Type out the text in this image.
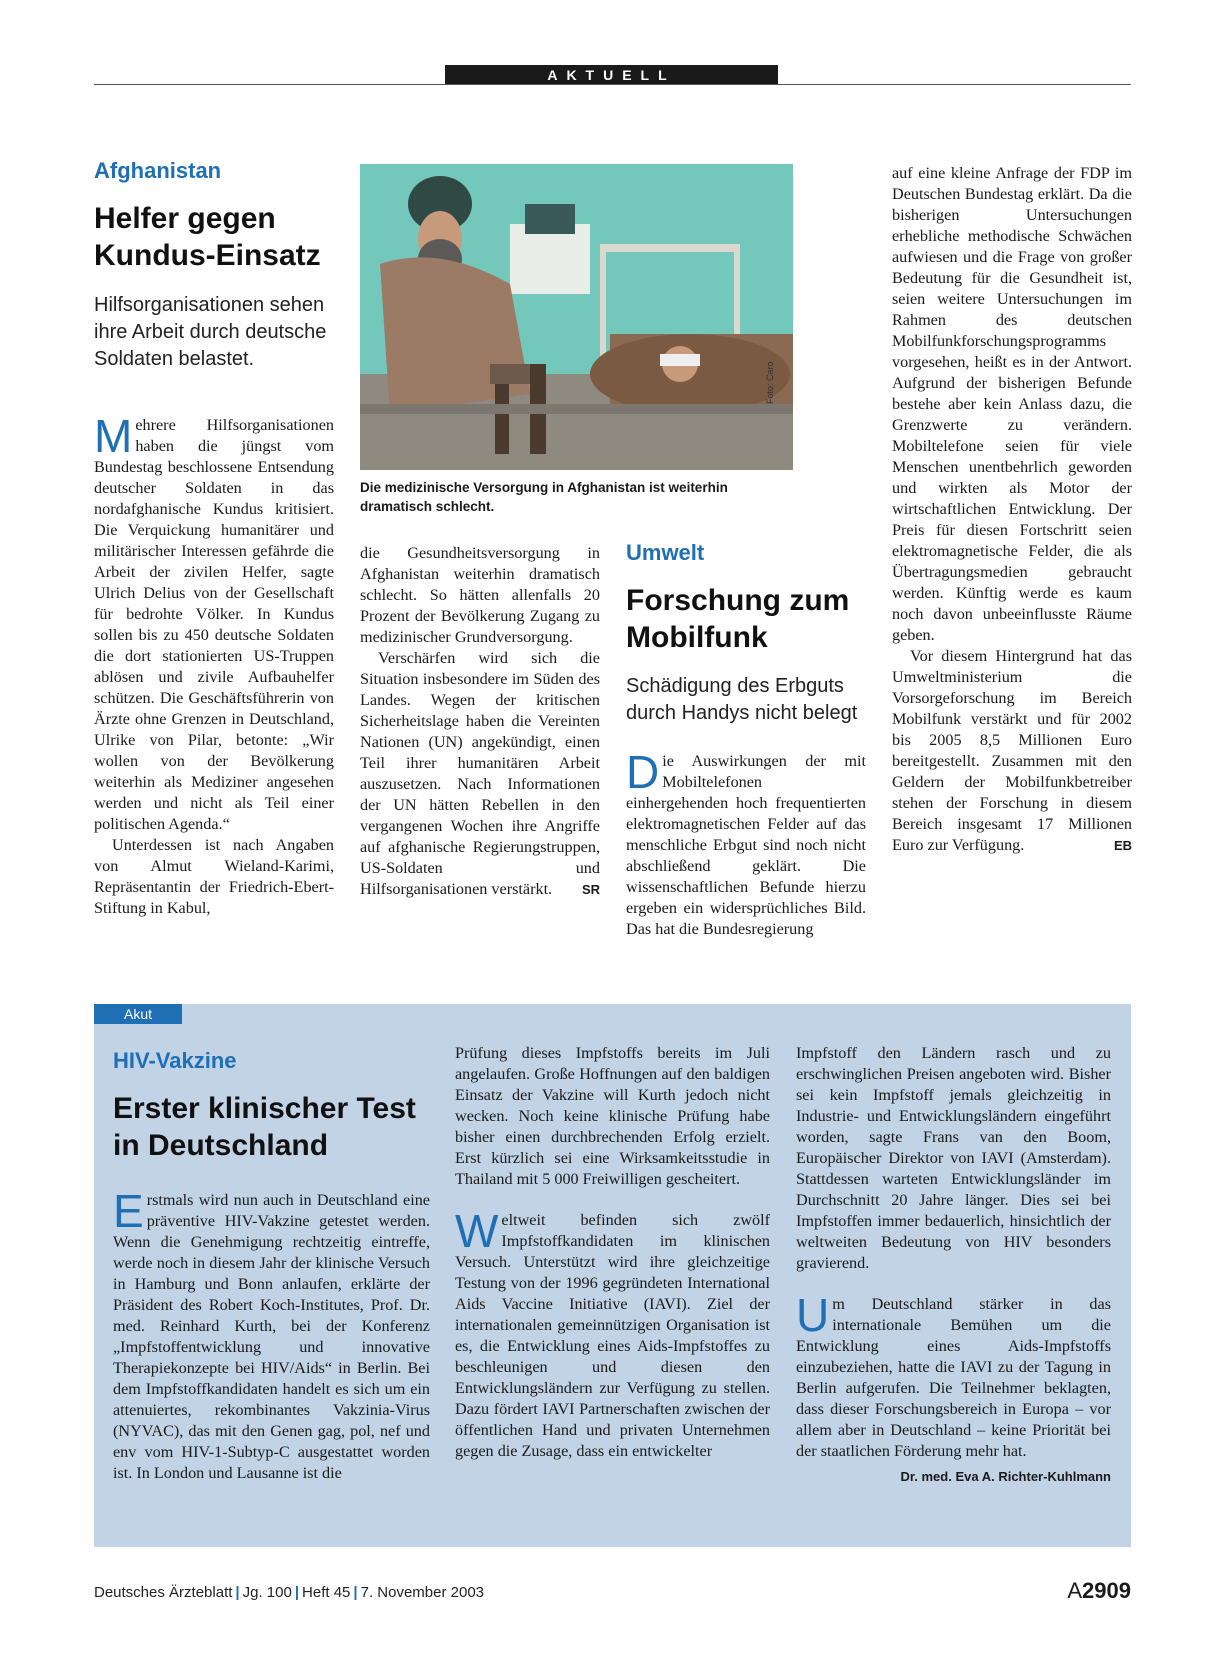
AKTUELL
Afghanistan
Helfer gegen
Kundus-Einsatz
Hilfsorganisationen sehen ihre Arbeit durch deutsche Soldaten belastet.

Mehrere Hilfsorganisationen haben die jüngst vom Bundestag beschlossene Entsendung deutscher Soldaten in das nordafghanische Kundus kritisiert. Die Verquickung humanitärer und militärischer Interessen gefährde die Arbeit der zivilen Helfer, sagte Ulrich Delius von der Gesellschaft für bedrohte Völker. In Kundus sollen bis zu 450 deutsche Soldaten die dort stationierten US-Truppen ablösen und zivile Aufbauhelfer schützen. Die Geschäftsführerin von Ärzte ohne Grenzen in Deutschland, Ulrike von Pilar, betonte: „Wir wollen von der Bevölkerung weiterhin als Mediziner angesehen werden und nicht als Teil einer politischen Agenda.“

Unterdessen ist nach Angaben von Almut Wieland-Karimi, Repräsentantin der Friedrich-Ebert-Stiftung in Kabul,

Foto: Caro
Die medizinische Versorgung in Afghanistan ist weiterhin dramatisch schlecht.

die Gesundheitsversorgung in Afghanistan weiterhin dramatisch schlecht. So hätten allenfalls 20 Prozent der Bevölkerung Zugang zu medizinischer Grundversorgung.

Verschärfen wird sich die Situation insbesondere im Süden des Landes. Wegen der kritischen Sicherheitslage haben die Vereinten Nationen (UN) angekündigt, einen Teil ihrer humanitären Arbeit auszusetzen. Nach Informationen der UN hätten Rebellen in den vergangenen Wochen ihre Angriffe auf afghanische Regierungstruppen, US-Soldaten und Hilfsorganisationen verstärkt.	SR

Umwelt
Forschung zum
Mobilfunk
Schädigung des Erbguts durch Handys nicht belegt

Die Auswirkungen der mit Mobiltelefonen einhergehenden hoch frequentierten elektromagnetischen Felder auf das menschliche Erbgut sind noch nicht abschließend geklärt. Die wissenschaftlichen Befunde hierzu ergeben ein widersprüchliches Bild. Das hat die Bundesregierung

auf eine kleine Anfrage der FDP im Deutschen Bundestag erklärt. Da die bisherigen Untersuchungen erhebliche methodische Schwächen aufwiesen und die Frage von großer Bedeutung für die Gesundheit ist, seien weitere Untersuchungen im Rahmen des deutschen Mobilfunkforschungsprogramms vorgesehen, heißt es in der Antwort. Aufgrund der bisherigen Befunde bestehe aber kein Anlass dazu, die Grenzwerte zu verändern. Mobiltelefone seien für viele Menschen unentbehrlich geworden und wirkten als Motor der wirtschaftlichen Entwicklung. Der Preis für diesen Fortschritt seien elektromagnetische Felder, die als Übertragungsmedien gebraucht werden. Künftig werde es kaum noch davon unbeeinflusste Räume geben.

Vor diesem Hintergrund hat das Umweltministerium die Vorsorgeforschung im Bereich Mobilfunk verstärkt und für 2002 bis 2005 8,5 Millionen Euro bereitgestellt. Zusammen mit den Geldern der Mobilfunkbetreiber stehen der Forschung in diesem Bereich insgesamt 17 Millionen Euro zur Verfügung.	EB

Akut
HIV-Vakzine
Erster klinischer Test
in Deutschland

Erstmals wird nun auch in Deutschland eine präventive HIV-Vakzine getestet werden. Wenn die Genehmigung rechtzeitig eintreffe, werde noch in diesem Jahr der klinische Versuch in Hamburg und Bonn anlaufen, erklärte der Präsident des Robert Koch-Institutes, Prof. Dr. med. Reinhard Kurth, bei der Konferenz „Impfstoffentwicklung und innovative Therapiekonzepte bei HIV/Aids“ in Berlin. Bei dem Impfstoffkandidaten handelt es sich um ein attenuiertes, rekombinantes Vakzinia-Virus (NYVAC), das mit den Genen gag, pol, nef und env vom HIV-1-Subtyp-C ausgestattet worden ist. In London und Lausanne ist die

Prüfung dieses Impfstoffs bereits im Juli angelaufen. Große Hoffnungen auf den baldigen Einsatz der Vakzine will Kurth jedoch nicht wecken. Noch keine klinische Prüfung habe bisher einen durchbrechenden Erfolg erzielt. Erst kürzlich sei eine Wirksamkeitsstudie in Thailand mit 5 000 Freiwilligen gescheitert.

Weltweit befinden sich zwölf Impfstoffkandidaten im klinischen Versuch. Unterstützt wird ihre gleichzeitige Testung von der 1996 gegründeten International Aids Vaccine Initiative (IAVI). Ziel der internationalen gemeinnützigen Organisation ist es, die Entwicklung eines Aids-Impfstoffes zu beschleunigen und diesen den Entwicklungsländern zur Verfügung zu stellen. Dazu fördert IAVI Partnerschaften zwischen der öffentlichen Hand und privaten Unternehmen gegen die Zusage, dass ein entwickelter

Impfstoff den Ländern rasch und zu erschwinglichen Preisen angeboten wird. Bisher sei kein Impfstoff jemals gleichzeitig in Industrie- und Entwicklungsländern eingeführt worden, sagte Frans van den Boom, Europäischer Direktor von IAVI (Amsterdam). Stattdessen warteten Entwicklungsländer im Durchschnitt 20 Jahre länger. Dies sei bei Impfstoffen immer bedauerlich, hinsichtlich der weltweiten Bedeutung von HIV besonders gravierend.

Um Deutschland stärker in das internationale Bemühen um die Entwicklung eines Aids-Impfstoffs einzubeziehen, hatte die IAVI zu der Tagung in Berlin aufgerufen. Die Teilnehmer beklagten, dass dieser Forschungsbereich in Europa – vor allem aber in Deutschland – keine Priorität bei der staatlichen Förderung mehr hat.
Dr. med. Eva A. Richter-Kuhlmann

Deutsches Ärzteblatt | Jg. 100 | Heft 45 | 7. November 2003	A2909
